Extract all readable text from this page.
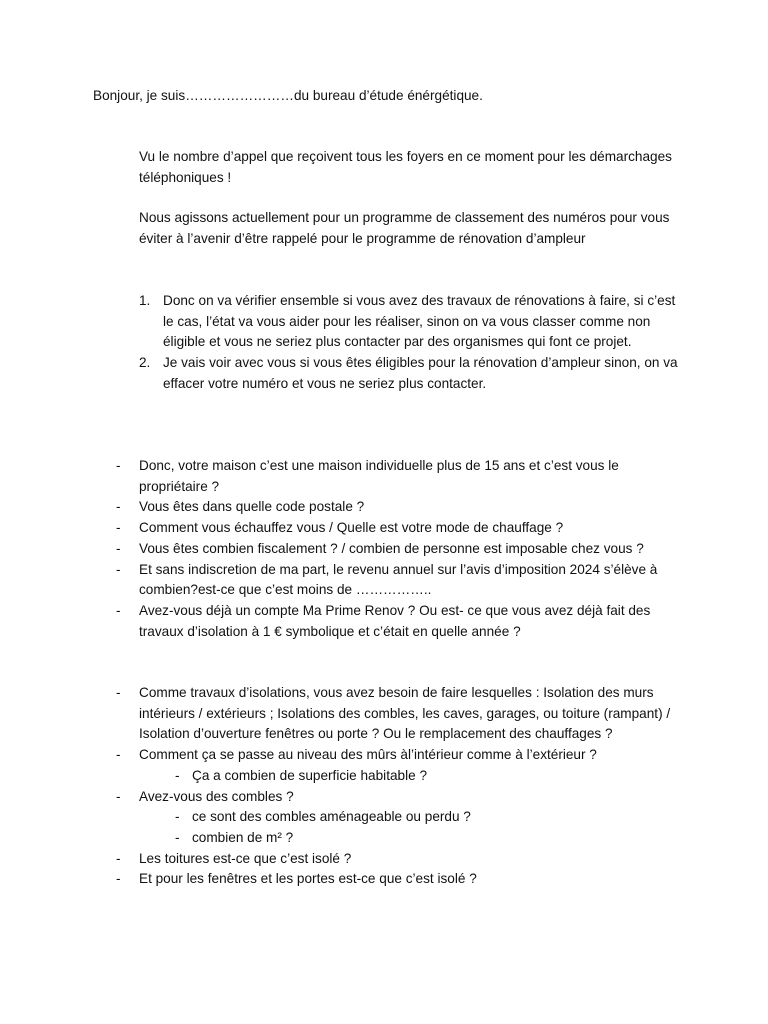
Bonjour, je suis……………………du bureau d’étude énérgétique.

Vu le nombre d’appel que reçoivent tous les foyers en ce moment pour les démarchages téléphoniques !

Nous agissons actuellement pour un programme de classement des numéros pour vous éviter à l’avenir d’être rappelé pour le programme de rénovation d’ampleur

1. Donc on va vérifier ensemble si vous avez des travaux de rénovations à faire, si c’est le cas, l’état va vous aider pour les réaliser, sinon on va vous classer comme non éligible et vous ne seriez plus contacter par des organismes qui font ce projet.
2. Je vais voir avec vous si vous êtes éligibles pour la rénovation d’ampleur sinon, on va effacer votre numéro et vous ne seriez plus contacter.
- Donc, votre maison c’est une maison individuelle plus de 15 ans et c’est vous le propriétaire ?
- Vous êtes dans quelle code postale ?
- Comment vous échauffez vous / Quelle est votre mode de chauffage ?
- Vous êtes combien fiscalement ? / combien de personne est imposable chez vous ?
- Et sans indiscretion de ma part, le revenu annuel sur l’avis d’imposition 2024 s’élève à combien?est-ce que c’est moins de ……………..
- Avez-vous déjà un compte Ma Prime Renov ? Ou est- ce que vous avez déjà fait des travaux d’isolation à 1 € symbolique et c’était en quelle année ?
- Comme travaux d’isolations, vous avez besoin de faire lesquelles : Isolation des murs intérieurs / extérieurs ; Isolations des combles, les caves, garages, ou toiture (rampant) / Isolation d’ouverture fenêtres ou porte ? Ou le remplacement des chauffages ?
- Comment ça se passe au niveau des mûrs àl’intérieur comme à l’extérieur ?
- Ça a combien de superficie habitable ?
- Avez-vous des combles ?
- ce sont des combles aménageable ou perdu ?
- combien de m² ?
- Les toitures est-ce que c’est isolé ?
- Et pour les fenêtres et les portes est-ce que c’est isolé ?
